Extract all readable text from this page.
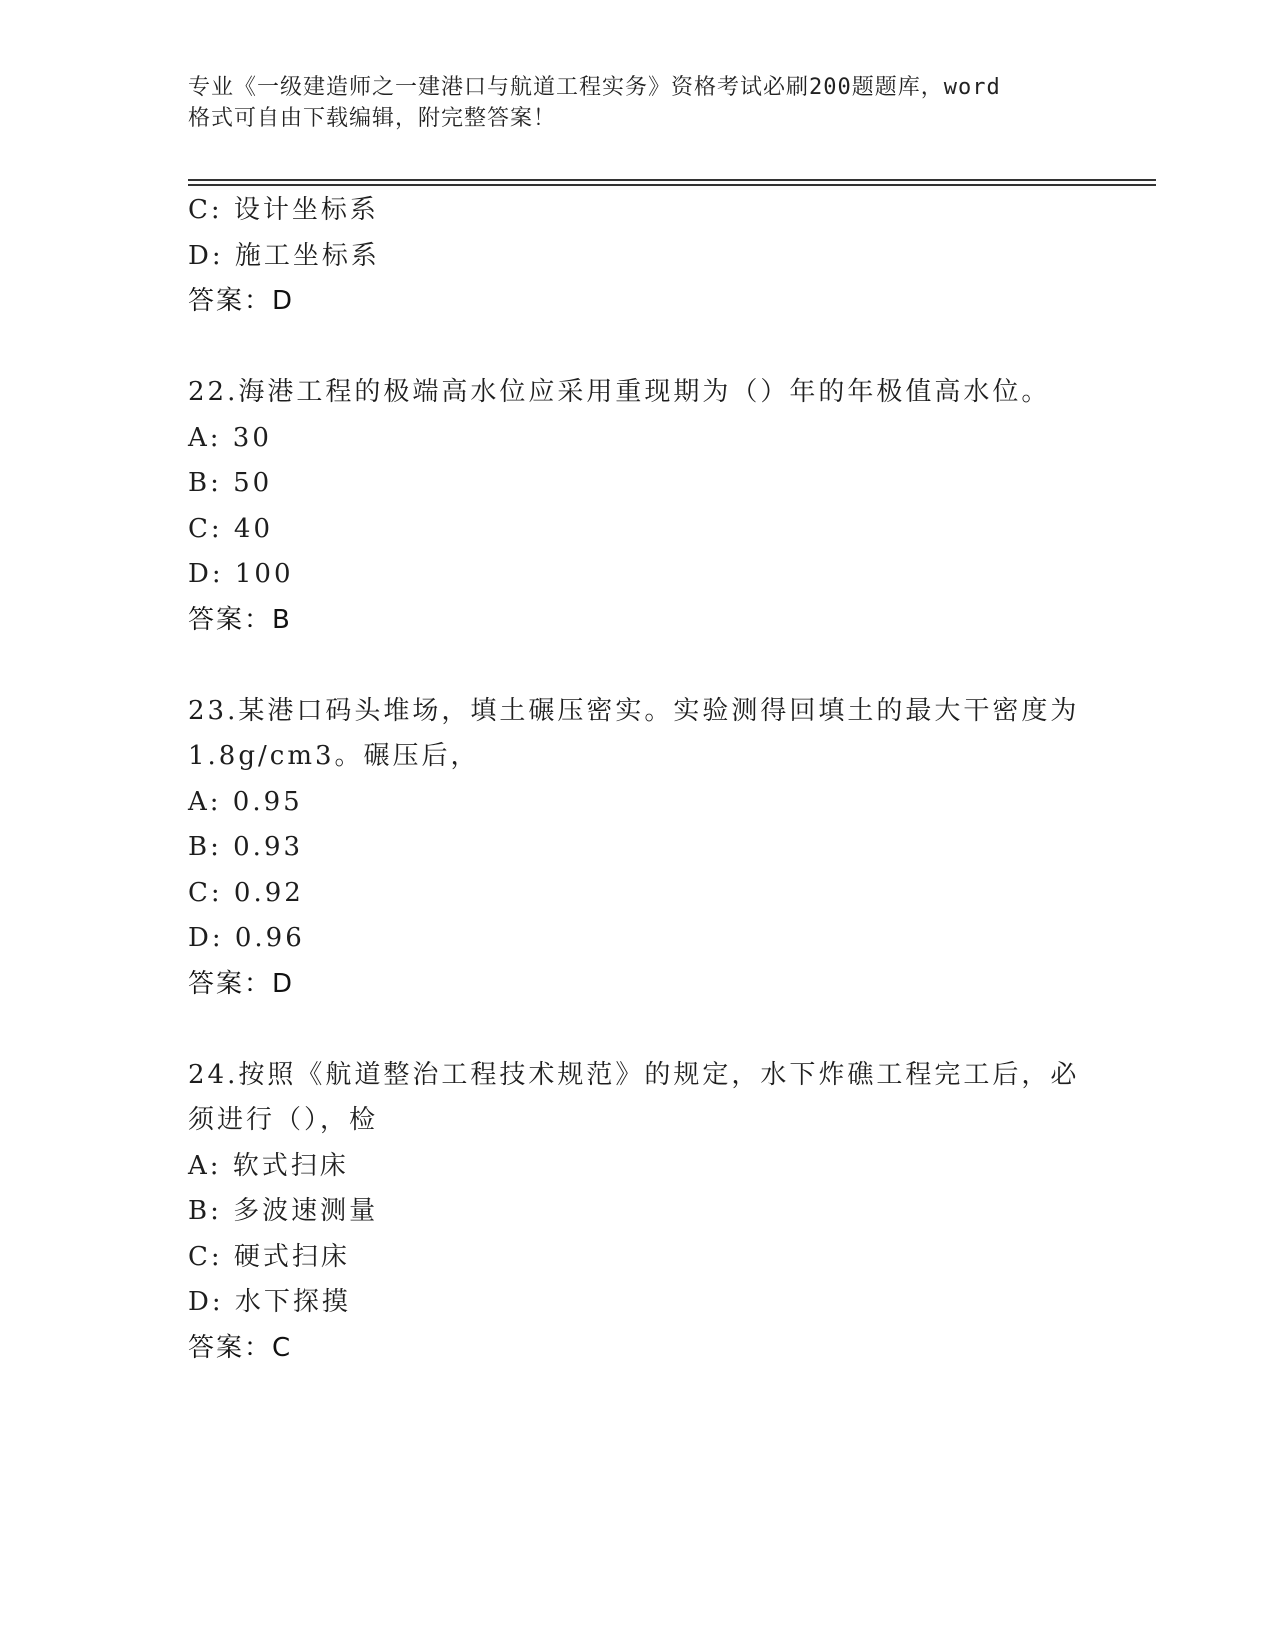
专业《一级建造师之一建港口与航道工程实务》资格考试必刷200题题库，word
格式可自由下载编辑，附完整答案！
C: 设计坐标系
D: 施工坐标系
答案：D
22.海港工程的极端高水位应采用重现期为（）年的年极值高水位。
A: 30
B: 50
C: 40
D: 100
答案：B
23.某港口码头堆场，填土碾压密实。实验测得回填土的最大干密度为
1.8g/cm3。碾压后，
A: 0.95
B: 0.93
C: 0.92
D: 0.96
答案：D
24.按照《航道整治工程技术规范》的规定，水下炸礁工程完工后，必
须进行（），检
A: 软式扫床
B: 多波速测量
C: 硬式扫床
D: 水下探摸
答案：C
